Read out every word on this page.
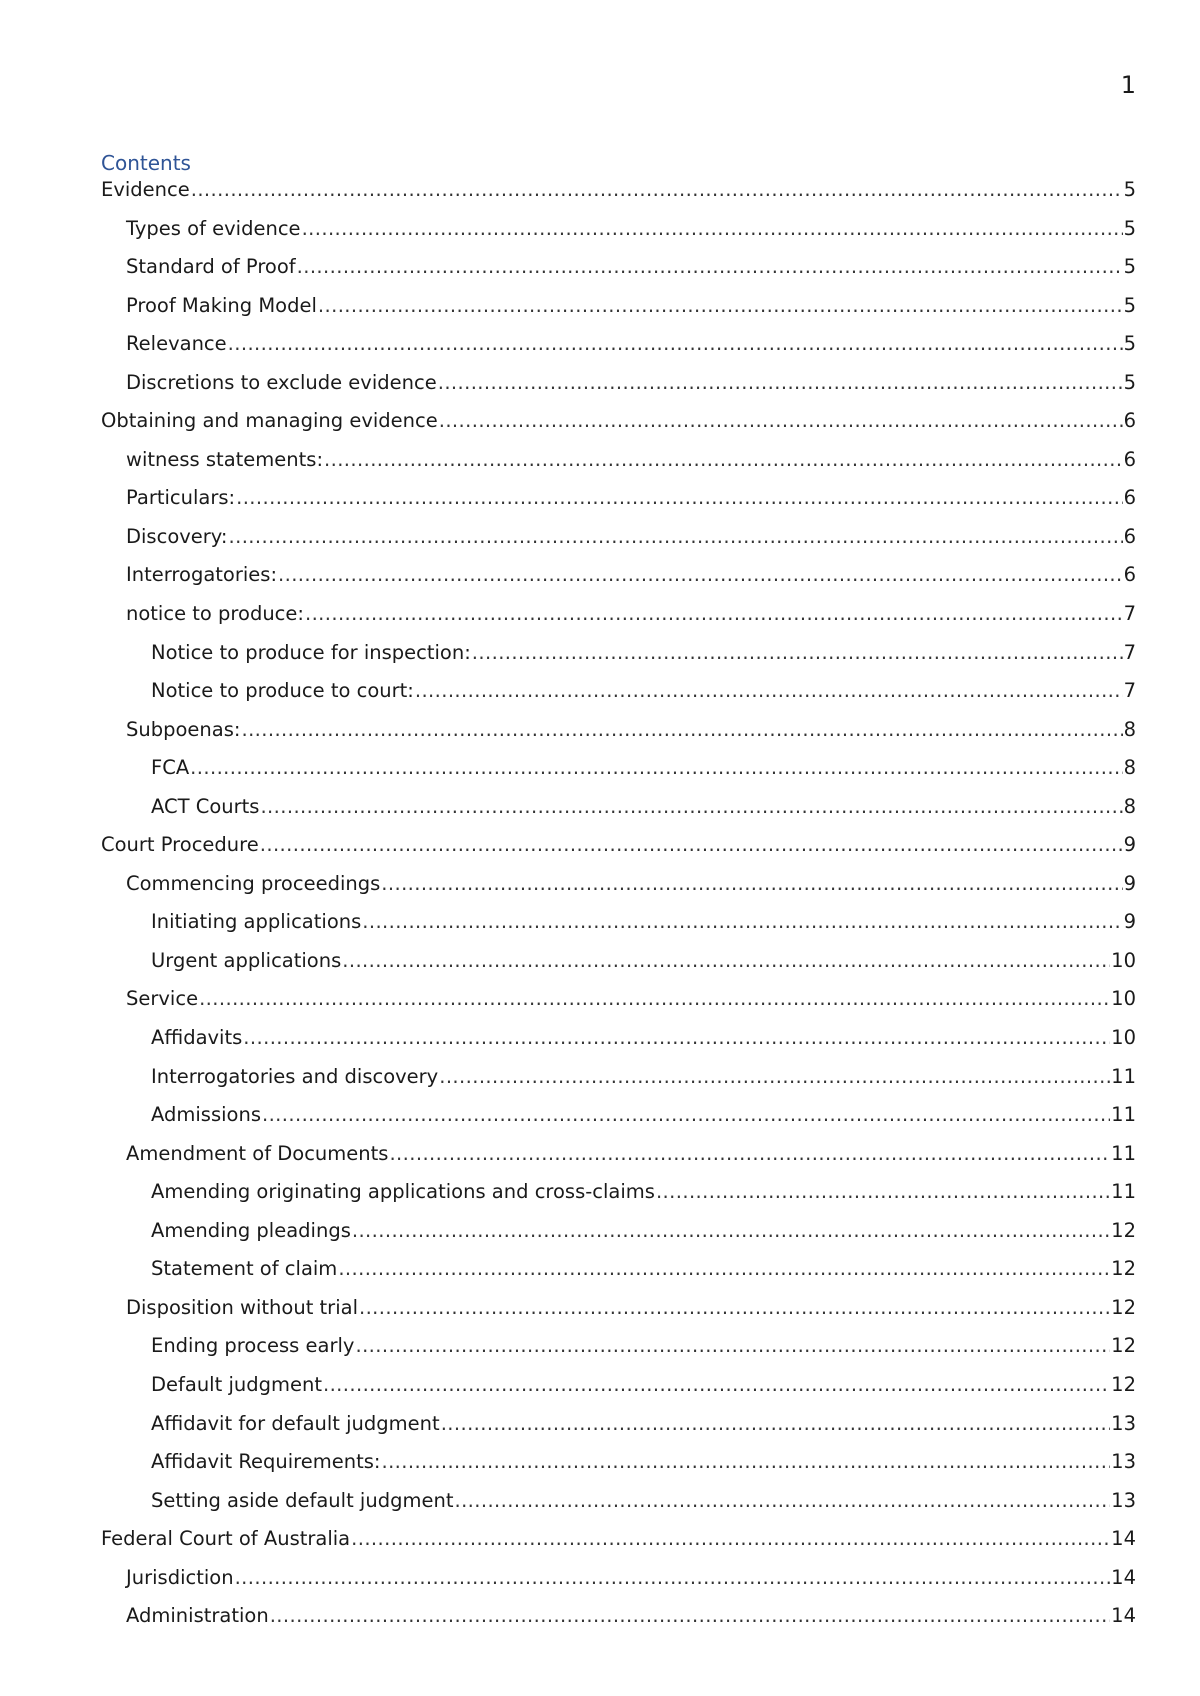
1
Contents
Evidence .....	5
Types of evidence .....	5
Standard of Proof .....	5
Proof Making Model .....	5
Relevance .....	5
Discretions to exclude evidence .....	5
Obtaining and managing evidence .....	6
witness statements: .....	6
Particulars: .....	6
Discovery: .....	6
Interrogatories: .....	6
notice to produce: .....	7
Notice to produce for inspection: .....	7
Notice to produce to court: .....	7
Subpoenas: .....	8
FCA .....	8
ACT Courts .....	8
Court Procedure .....	9
Commencing proceedings .....	9
Initiating applications .....	9
Urgent applications .....	10
Service .....	10
Affidavits .....	10
Interrogatories and discovery .....	11
Admissions .....	11
Amendment of Documents .....	11
Amending originating applications and cross-claims .....	11
Amending pleadings .....	12
Statement of claim .....	12
Disposition without trial .....	12
Ending process early .....	12
Default judgment .....	12
Affidavit for default judgment .....	13
Affidavit Requirements: .....	13
Setting aside default judgment .....	13
Federal Court of Australia .....	14
Jurisdiction .....	14
Administration .....	14
